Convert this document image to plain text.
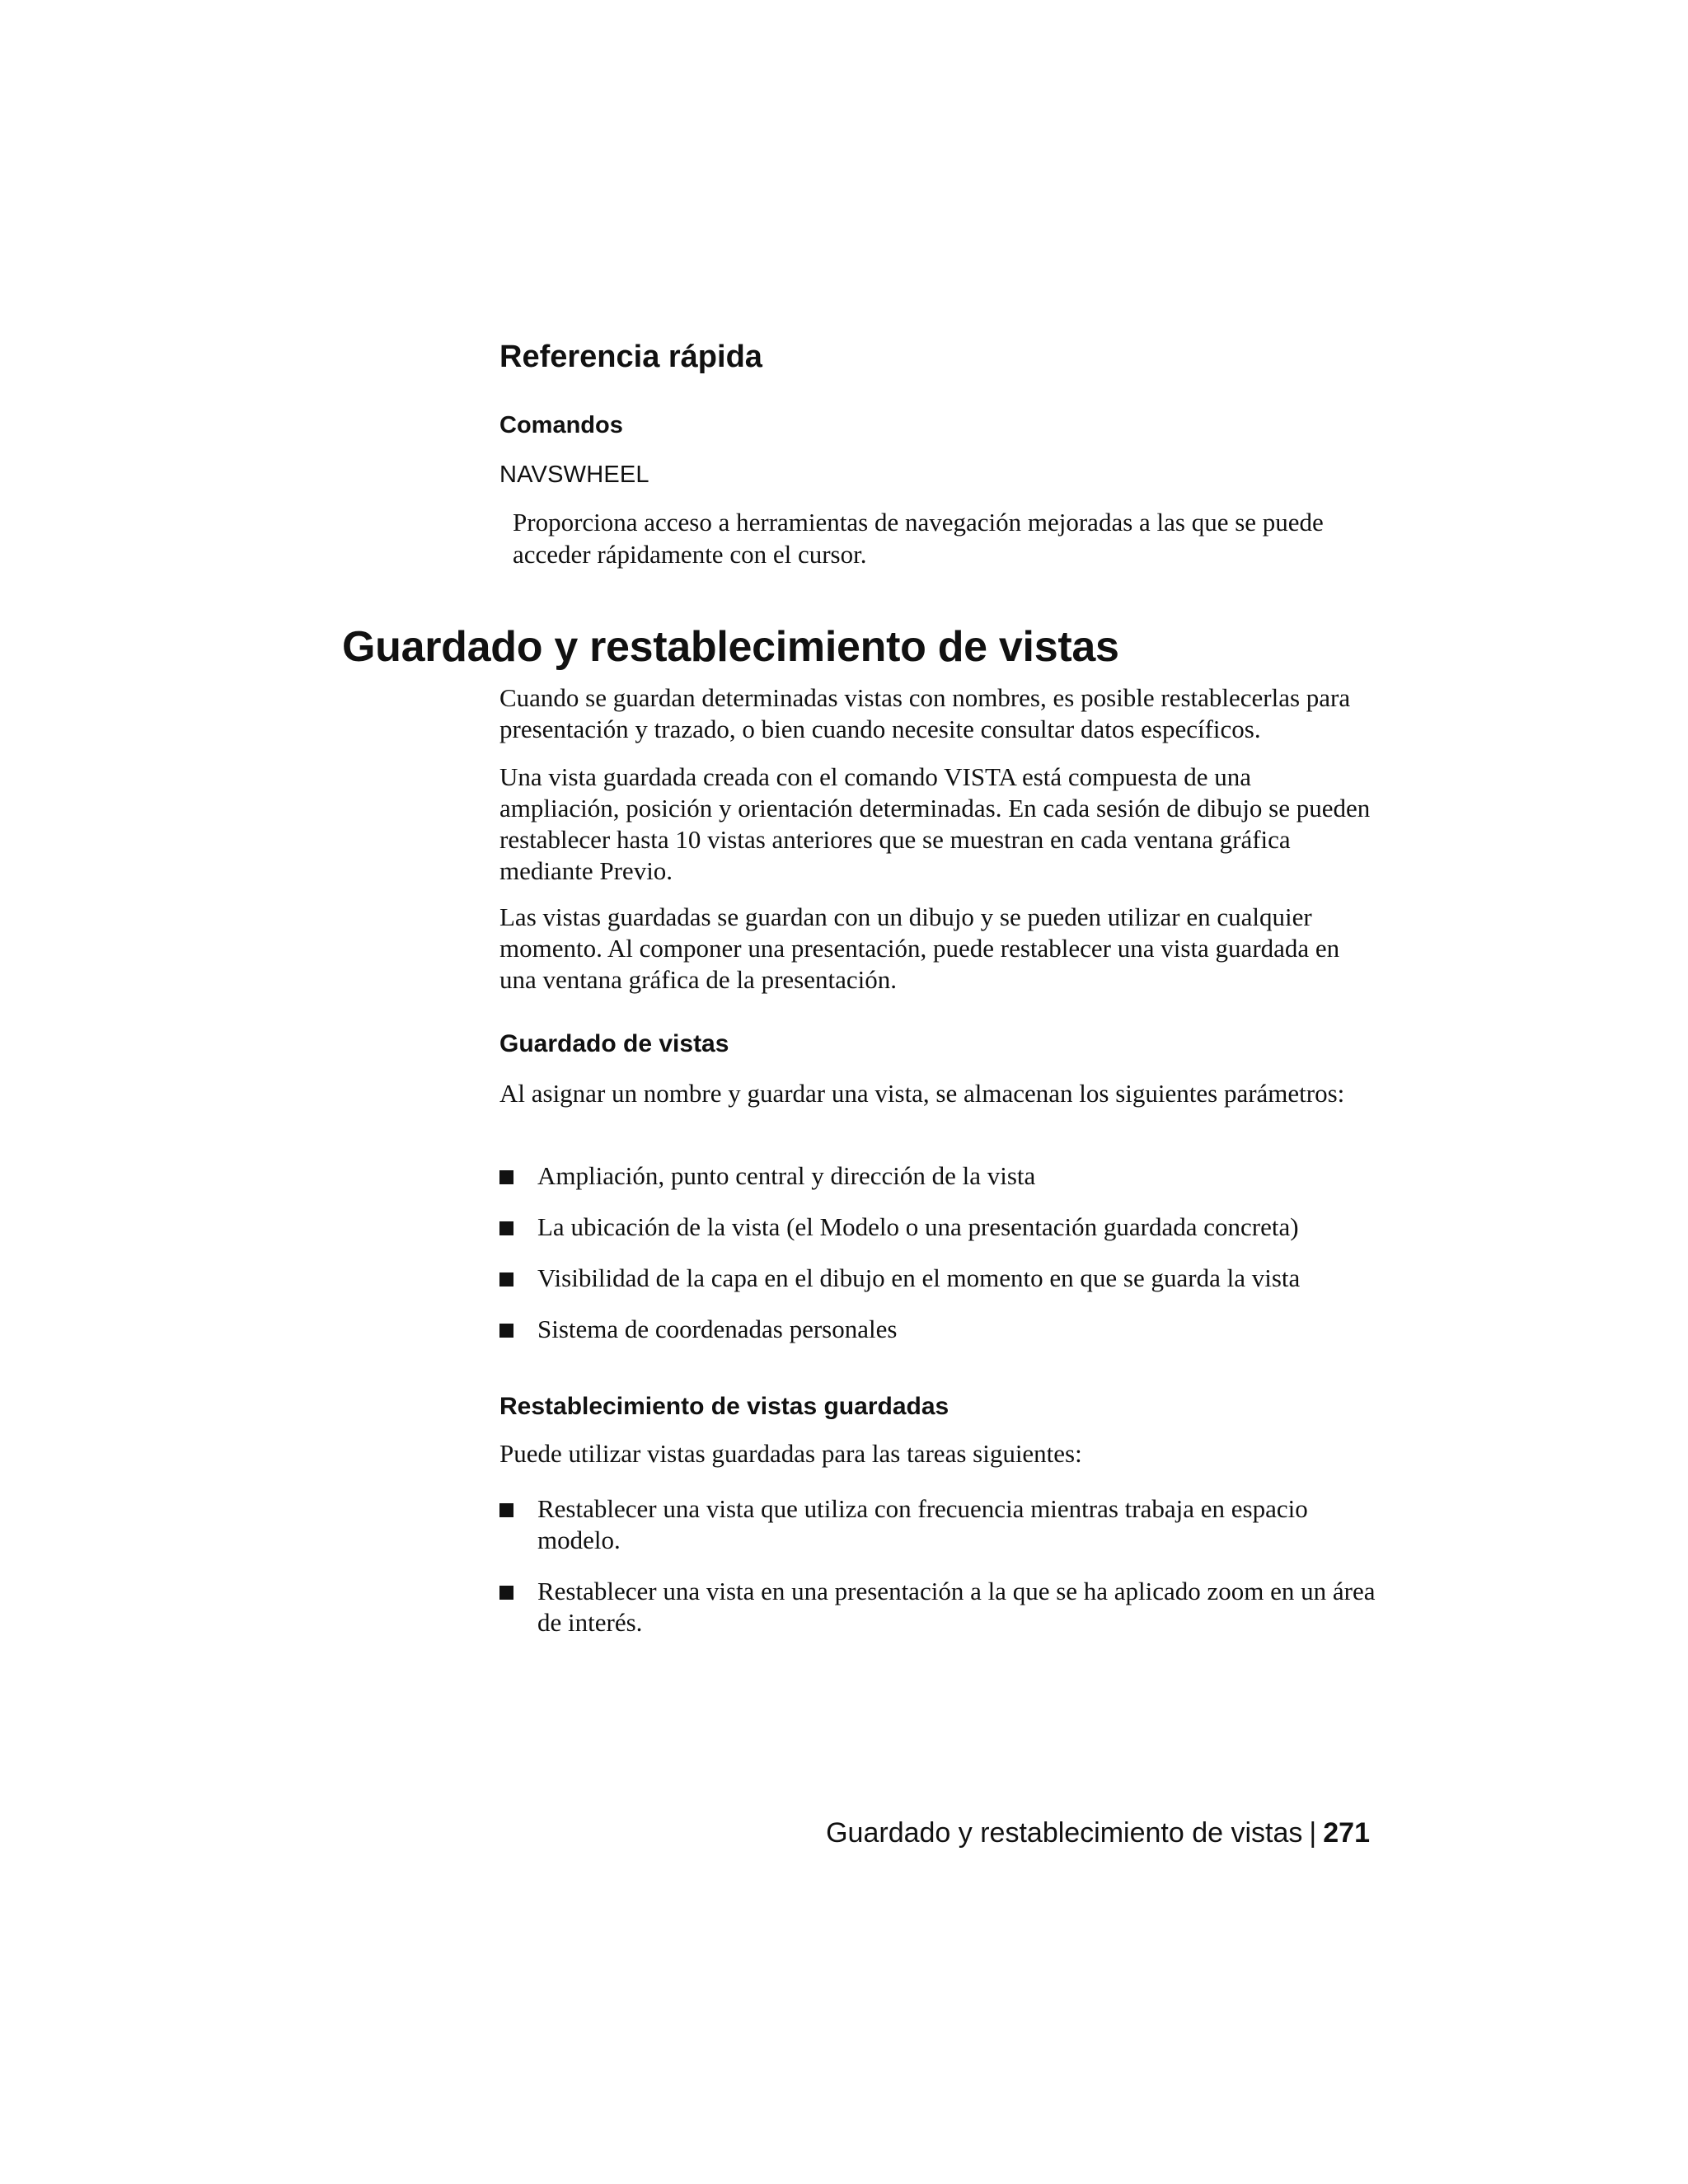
Referencia rápida
Comandos

NAVSWHEEL

Proporciona acceso a herramientas de navegación mejoradas a las que se puede acceder rápidamente con el cursor.

Guardado y restablecimiento de vistas

Cuando se guardan determinadas vistas con nombres, es posible restablecerlas para presentación y trazado, o bien cuando necesite consultar datos específicos.

Una vista guardada creada con el comando VISTA está compuesta de una ampliación, posición y orientación determinadas. En cada sesión de dibujo se pueden restablecer hasta 10 vistas anteriores que se muestran en cada ventana gráfica mediante Previo.

Las vistas guardadas se guardan con un dibujo y se pueden utilizar en cualquier momento. Al componer una presentación, puede restablecer una vista guardada en una ventana gráfica de la presentación.

Guardado de vistas

Al asignar un nombre y guardar una vista, se almacenan los siguientes parámetros:

Ampliación, punto central y dirección de la vista
La ubicación de la vista (el Modelo o una presentación guardada concreta)
Visibilidad de la capa en el dibujo en el momento en que se guarda la vista
Sistema de coordenadas personales
Restablecimiento de vistas guardadas

Puede utilizar vistas guardadas para las tareas siguientes:

Restablecer una vista que utiliza con frecuencia mientras trabaja en espacio modelo.
Restablecer una vista en una presentación a la que se ha aplicado zoom en un área de interés.

Guardado y restablecimiento de vistas | 271
